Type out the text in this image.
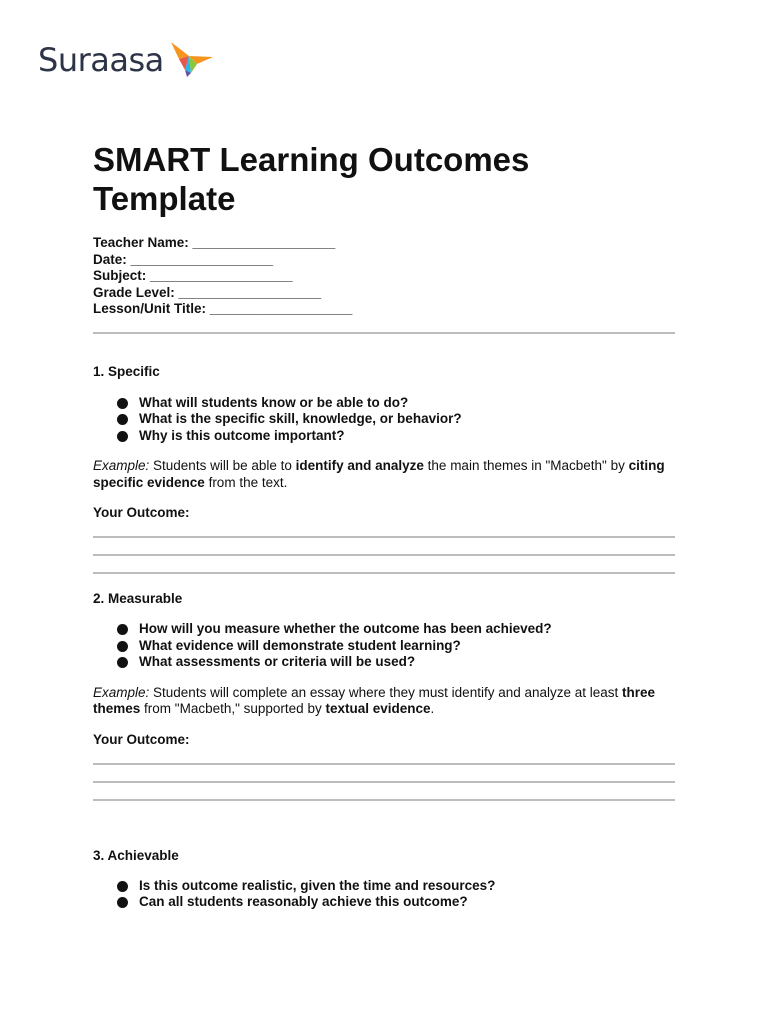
Suraasa
SMART Learning Outcomes Template
Teacher Name: ___________________
Date: ___________________
Subject: ___________________
Grade Level: ___________________
Lesson/Unit Title: ___________________
1. Specific
What will students know or be able to do?
What is the specific skill, knowledge, or behavior?
Why is this outcome important?
Example: Students will be able to identify and analyze the main themes in "Macbeth" by citing specific evidence from the text.
Your Outcome:
2. Measurable
How will you measure whether the outcome has been achieved?
What evidence will demonstrate student learning?
What assessments or criteria will be used?
Example: Students will complete an essay where they must identify and analyze at least three themes from "Macbeth," supported by textual evidence.
Your Outcome:
3. Achievable
Is this outcome realistic, given the time and resources?
Can all students reasonably achieve this outcome?
